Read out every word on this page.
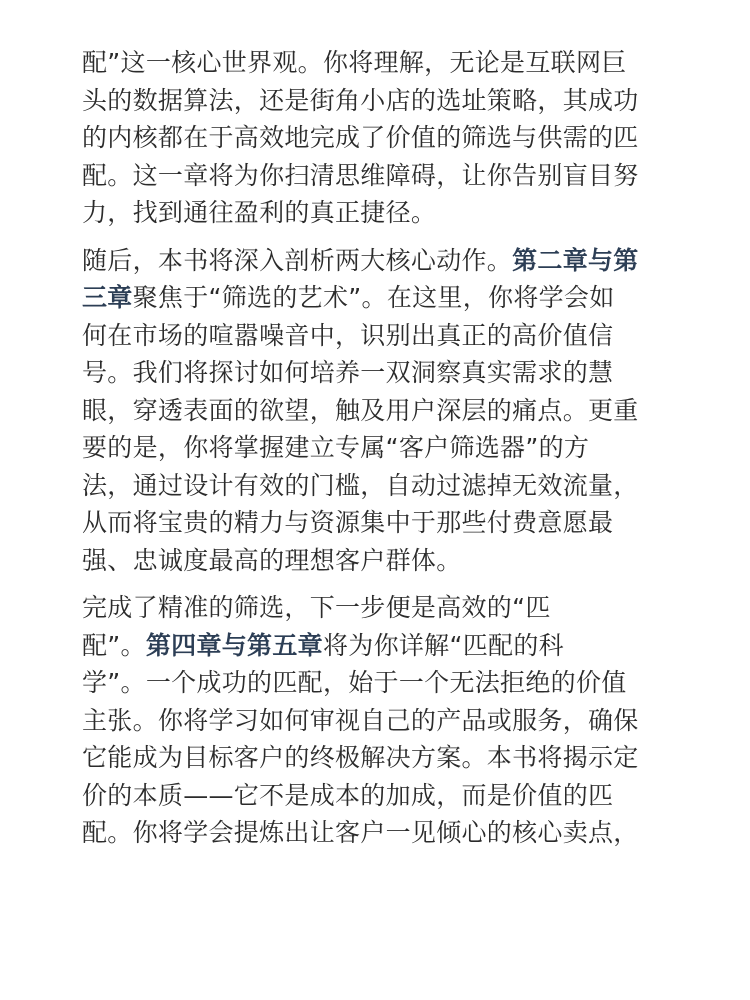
配”这一核心世界观。你将理解，无论是互联网巨
头的数据算法，还是街角小店的选址策略，其成功
的内核都在于高效地完成了价值的筛选与供需的匹
配。这一章将为你扫清思维障碍，让你告别盲目努
力，找到通往盈利的真正捷径。
随后，本书将深入剖析两大核心动作。第二章与第
三章聚焦于“筛选的艺术”。在这里，你将学会如
何在市场的喧嚣噪音中，识别出真正的高价值信
号。我们将探讨如何培养一双洞察真实需求的慧
眼，穿透表面的欲望，触及用户深层的痛点。更重
要的是，你将掌握建立专属“客户筛选器”的方
法，通过设计有效的门槛，自动过滤掉无效流量，
从而将宝贵的精力与资源集中于那些付费意愿最
强、忠诚度最高的理想客户群体。
完成了精准的筛选，下一步便是高效的“匹
配”。第四章与第五章将为你详解“匹配的科
学”。一个成功的匹配，始于一个无法拒绝的价值
主张。你将学习如何审视自己的产品或服务，确保
它能成为目标客户的终极解决方案。本书将揭示定
价的本质——它不是成本的加成，而是价值的匹
配。你将学会提炼出让客户一见倾心的核心卖点，
